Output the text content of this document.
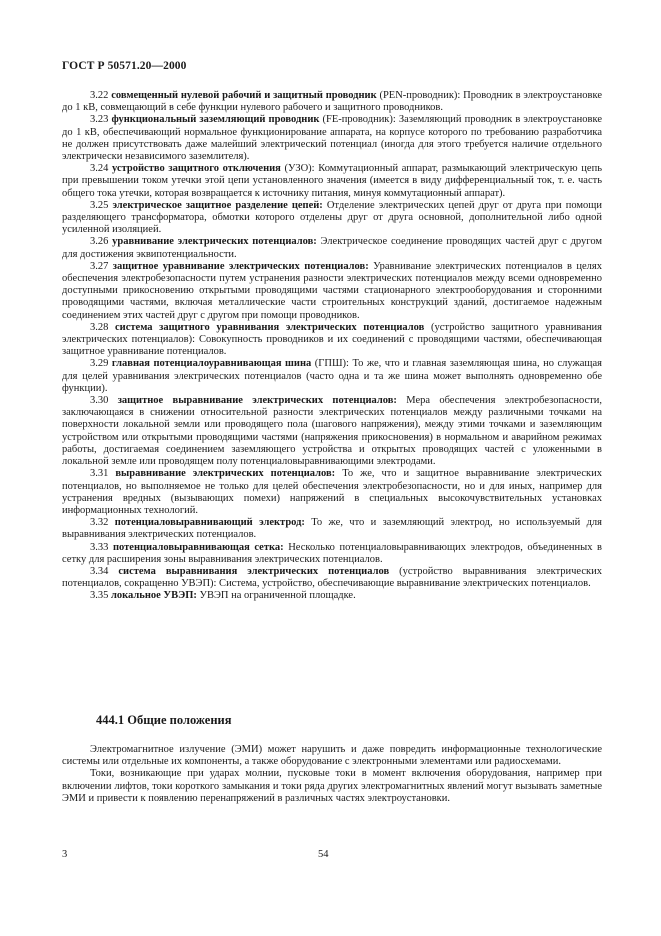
ГОСТ Р 50571.20—2000

3.22 совмещенный нулевой рабочий и защитный проводник (PEN-проводник): Проводник в электроустановке до 1 кВ, совмещающий в себе функции нулевого рабочего и защитного проводников.

3.23 функциональный заземляющий проводник (FE-проводник): Заземляющий проводник в электроустановке до 1 кВ, обеспечивающий нормальное функционирование аппарата, на корпусе которого по требованию разработчика не должен присутствовать даже малейший электрический потенциал (иногда для этого требуется наличие отдельного электрически независимого заземлителя).

3.24 устройство защитного отключения (УЗО): Коммутационный аппарат, размыкающий электрическую цепь при превышении током утечки этой цепи установленного значения (имеется в виду дифференциальный ток, т. е. часть общего тока утечки, которая возвращается к источнику питания, минуя коммутационный аппарат).

3.25 электрическое защитное разделение цепей: Отделение электрических цепей друг от друга при помощи разделяющего трансформатора, обмотки которого отделены друг от друга основной, дополнительной либо одной усиленной изоляцией.

3.26 уравнивание электрических потенциалов: Электрическое соединение проводящих частей друг с другом для достижения эквипотенциальности.

3.27 защитное уравнивание электрических потенциалов: Уравнивание электрических потенциалов в целях обеспечения электробезопасности путем устранения разности электрических потенциалов между всеми одновременно доступными прикосновению открытыми проводящими частями стационарного электрооборудования и сторонними проводящими частями, включая металлические части строительных конструкций зданий, достигаемое надежным соединением этих частей друг с другом при помощи проводников.

3.28 система защитного уравнивания электрических потенциалов (устройство защитного уравнивания электрических потенциалов): Совокупность проводников и их соединений с проводящими частями, обеспечивающая защитное уравнивание потенциалов.

3.29 главная потенциалоуравнивающая шина (ГПШ): То же, что и главная заземляющая шина, но служащая для целей уравнивания электрических потенциалов (часто одна и та же шина может выполнять одновременно обе функции).

3.30 защитное выравнивание электрических потенциалов: Мера обеспечения электробезопасности, заключающаяся в снижении относительной разности электрических потенциалов между различными точками на поверхности локальной земли или проводящего пола (шагового напряжения), между этими точками и заземляющим устройством или открытыми проводящими частями (напряжения прикосновения) в нормальном и аварийном режимах работы, достигаемая соединением заземляющего устройства и открытых проводящих частей с уложенными в локальной земле или проводящем полу потенциаловыравнивающими электродами.

3.31 выравнивание электрических потенциалов: То же, что и защитное выравнивание электрических потенциалов, но выполняемое не только для целей обеспечения электробезопасности, но и для иных, например для устранения вредных (вызывающих помехи) напряжений в специальных высокочувствительных установках информационных технологий.

3.32 потенциаловыравнивающий электрод: То же, что и заземляющий электрод, но используемый для выравнивания электрических потенциалов.

3.33 потенциаловыравнивающая сетка: Несколько потенциаловыравнивающих электродов, объединенных в сетку для расширения зоны выравнивания электрических потенциалов.

3.34 система выравнивания электрических потенциалов (устройство выравнивания электрических потенциалов, сокращенно УВЭП): Система, устройство, обеспечивающие выравнивание электрических потенциалов.

3.35 локальное УВЭП: УВЭП на ограниченной площадке.

444.1 Общие положения

Электромагнитное излучение (ЭМИ) может нарушить и даже повредить информационные технологические системы или отдельные их компоненты, а также оборудование с электронными элементами или радиосхемами.

Токи, возникающие при ударах молнии, пусковые токи в момент включения оборудования, например при включении лифтов, токи короткого замыкания и токи ряда других электромагнитных явлений могут вызывать заметные ЭМИ и привести к появлению перенапряжений в различных частях электроустановки.

3	54
